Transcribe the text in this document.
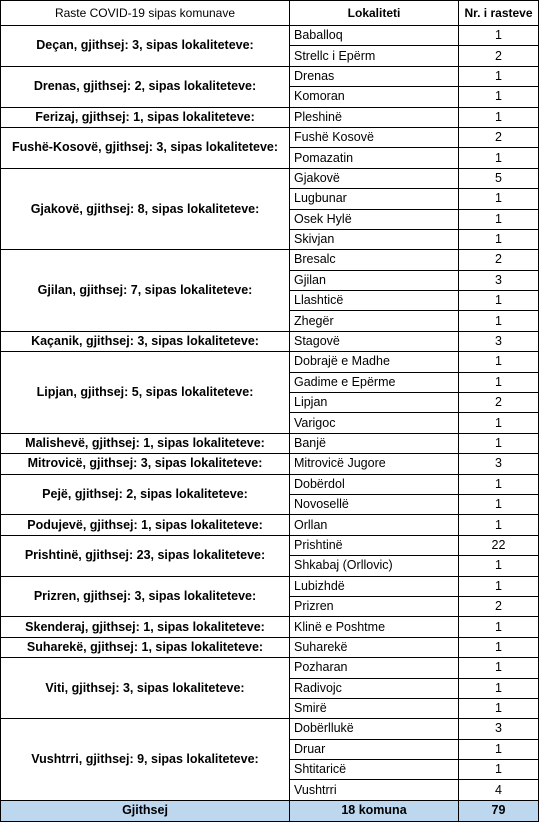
Raste COVID-19 sipas komunave	Lokaliteti	Nr. i rasteve
Deçan, gjithsej: 3, sipas lokaliteteve:	Baballoq	1
	Strellc i Epërm	2
Drenas, gjithsej: 2, sipas lokaliteteve:	Drenas	1
	Komoran	1
Ferizaj, gjithsej: 1, sipas lokaliteteve:	Pleshinë	1
Fushë-Kosovë, gjithsej: 3, sipas lokaliteteve:	Fushë Kosovë	2
	Pomazatin	1
Gjakovë, gjithsej: 8, sipas lokaliteteve:	Gjakovë	5
	Lugbunar	1
	Osek Hylë	1
	Skivjan	1
Gjilan, gjithsej: 7, sipas lokaliteteve:	Bresalc	2
	Gjilan	3
	Llashticë	1
	Zhegër	1
Kaçanik, gjithsej: 3, sipas lokaliteteve:	Stagovë	3
Lipjan, gjithsej: 5, sipas lokaliteteve:	Dobrajë e Madhe	1
	Gadime e Epërme	1
	Lipjan	2
	Varigoc	1
Malishevë, gjithsej: 1, sipas lokaliteteve:	Banjë	1
Mitrovicë, gjithsej: 3, sipas lokaliteteve:	Mitrovicë Jugore	3
Pejë, gjithsej: 2, sipas lokaliteteve:	Dobërdol	1
	Novosellë	1
Podujevë, gjithsej: 1, sipas lokaliteteve:	Orllan	1
Prishtinë, gjithsej: 23, sipas lokaliteteve:	Prishtinë	22
	Shkabaj (Orllovic)	1
Prizren, gjithsej: 3, sipas lokaliteteve:	Lubizhdë	1
	Prizren	2
Skenderaj, gjithsej: 1, sipas lokaliteteve:	Klinë e Poshtme	1
Suharekë, gjithsej: 1, sipas lokaliteteve:	Suharekë	1
Viti, gjithsej: 3, sipas lokaliteteve:	Pozharan	1
	Radivojc	1
	Smirë	1
Vushtrri, gjithsej: 9, sipas lokaliteteve:	Dobërllukë	3
	Druar	1
	Shtitaricë	1
	Vushtrri	4
Gjithsej	18 komuna	79
